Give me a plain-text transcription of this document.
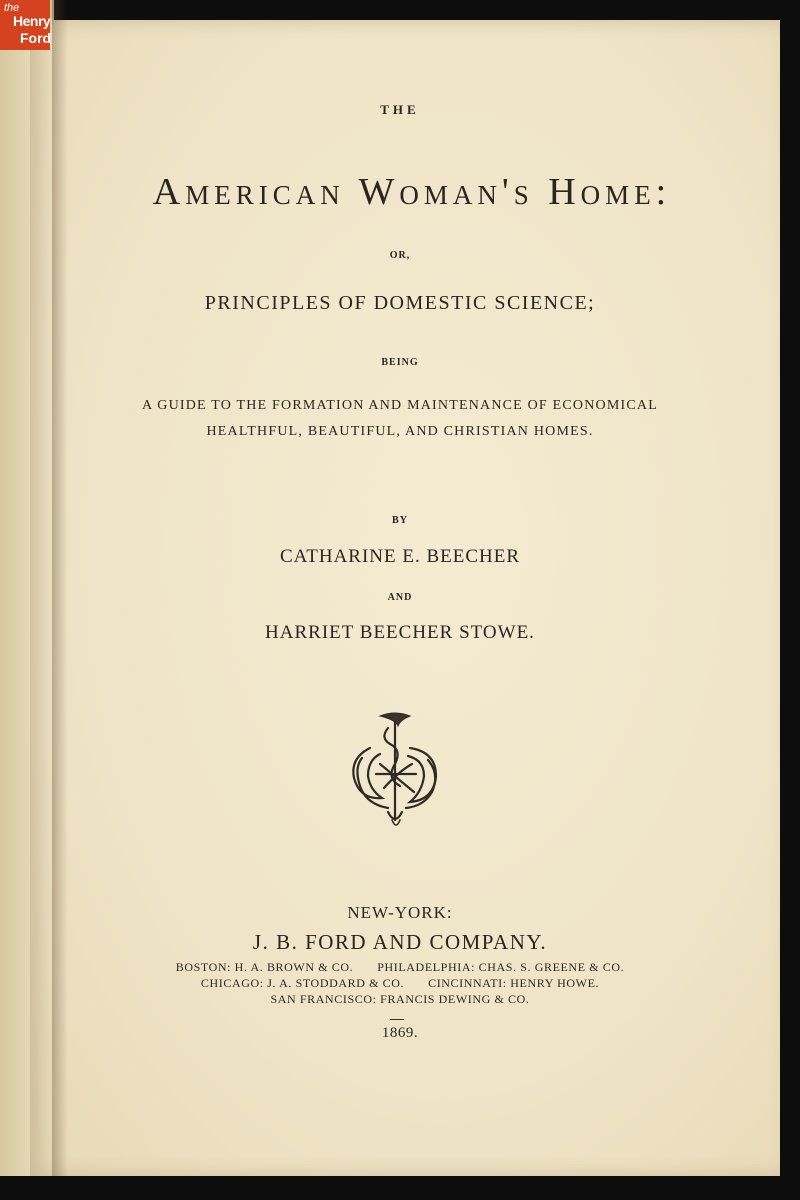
the
Henry
Ford
THE
American Woman's Home:
OR,
PRINCIPLES OF DOMESTIC SCIENCE;
BEING
A GUIDE TO THE FORMATION AND MAINTENANCE OF ECONOMICAL
HEALTHFUL, BEAUTIFUL, AND CHRISTIAN HOMES.
BY
CATHARINE E. BEECHER
AND
HARRIET BEECHER STOWE.
NEW-YORK:
J. B. FORD AND COMPANY.
BOSTON: H. A. BROWN & CO. PHILADELPHIA: CHAS. S. GREENE & CO.
CHICAGO: J. A. STODDARD & CO. CINCINNATI: HENRY HOWE.
SAN FRANCISCO: FRANCIS DEWING & CO.
1869.
